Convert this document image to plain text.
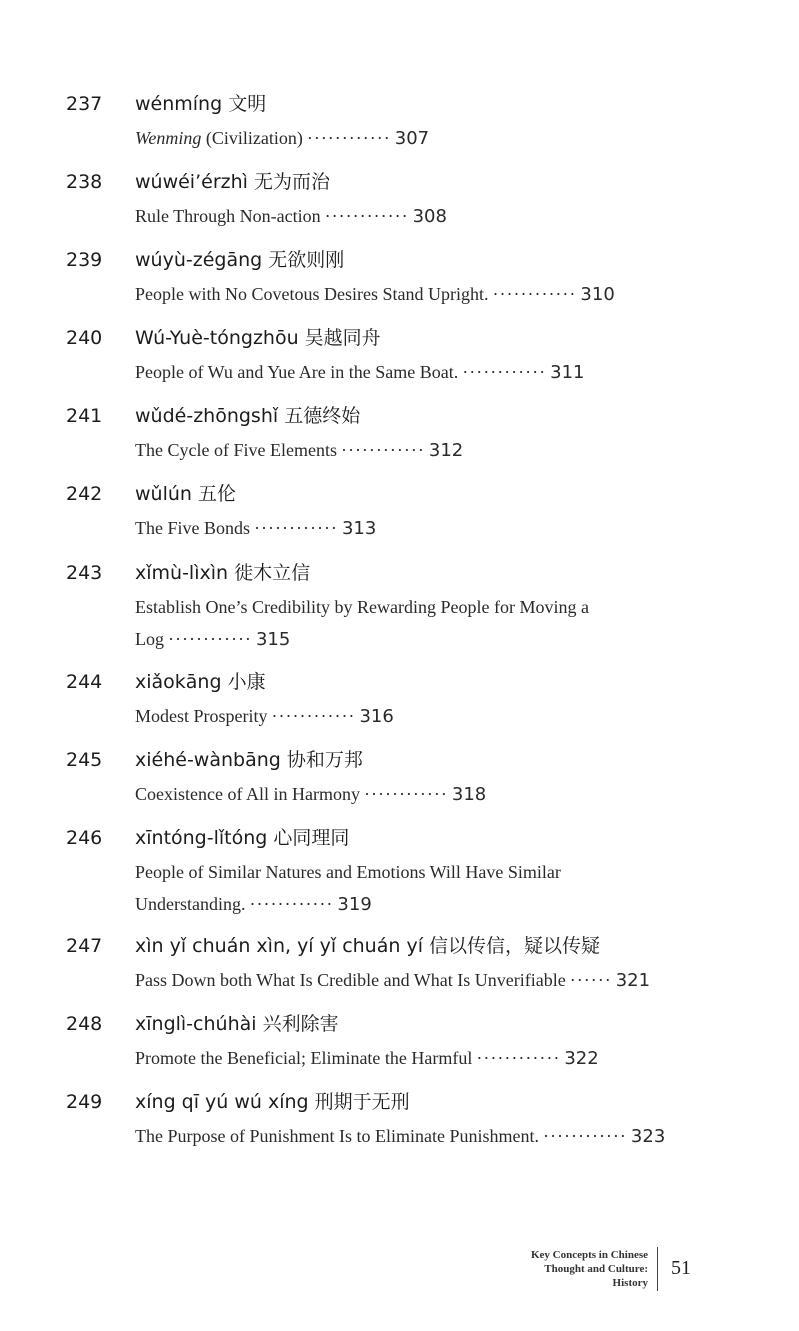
237 wénmíng 文明
Wenming (Civilization) ············ 307
238 wúwéi’érzhì 无为而治
Rule Through Non-action ············ 308
239 wúyù-zégāng 无欲则刚
People with No Covetous Desires Stand Upright. ············ 310
240 Wú-Yuè-tóngzhōu 吴越同舟
People of Wu and Yue Are in the Same Boat. ············ 311
241 wǔdé-zhōngshǐ 五德终始
The Cycle of Five Elements ············ 312
242 wǔlún 五伦
The Five Bonds ············ 313
243 xǐmù-lìxìn 徙木立信
Establish One’s Credibility by Rewarding People for Moving a Log ············ 315
244 xiǎokāng 小康
Modest Prosperity ············ 316
245 xiéhé-wànbāng 协和万邦
Coexistence of All in Harmony ············ 318
246 xīntóng-lǐtóng 心同理同
People of Similar Natures and Emotions Will Have Similar Understanding. ············ 319
247 xìn yǐ chuán xìn, yí yǐ chuán yí 信以传信，疑以传疑
Pass Down both What Is Credible and What Is Unverifiable ······ 321
248 xīnglì-chúhài 兴利除害
Promote the Beneficial; Eliminate the Harmful ············ 322
249 xíng qī yú wú xíng 刑期于无刑
The Purpose of Punishment Is to Eliminate Punishment. ············ 323
Key Concepts in Chinese
Thought and Culture:
History
51
